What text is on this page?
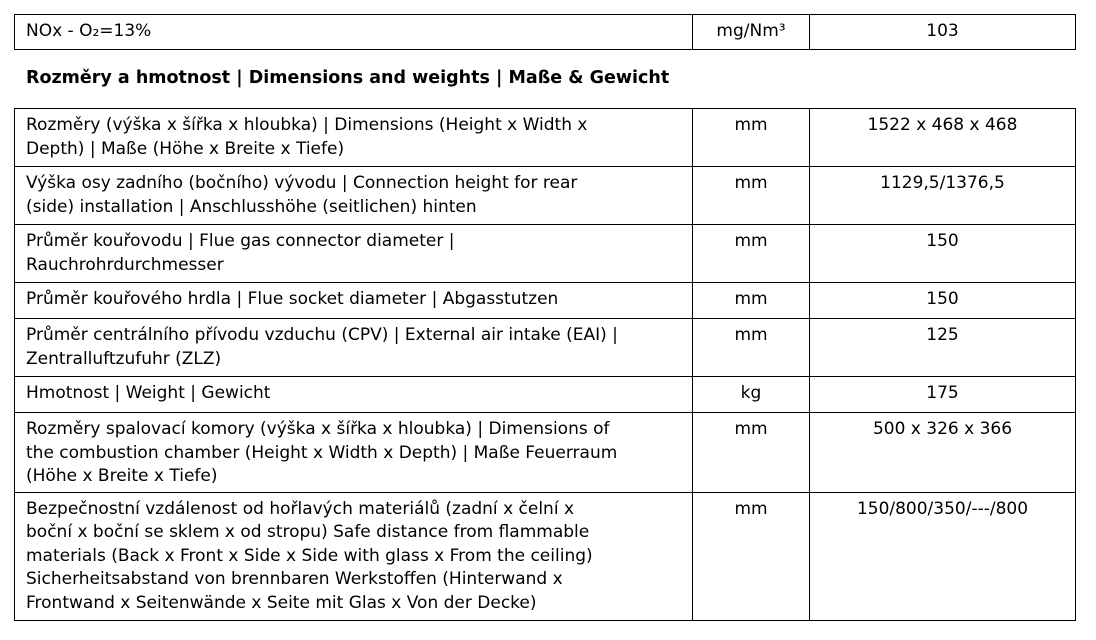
NOx - O₂=13%	mg/Nm³	103
Rozměry a hmotnost | Dimensions and weights | Maße & Gewicht
Rozměry (výška x šířka x hloubka) | Dimensions (Height x Width x
Depth) | Maße (Höhe x Breite x Tiefe)	mm	1522 x 468 x 468

Výška osy zadního (bočního) vývodu | Connection height for rear
(side) installation | Anschlusshöhe (seitlichen) hinten	mm	1129,5/1376,5

Průměr kouřovodu | Flue gas connector diameter |
Rauchrohrdurchmesser	mm	150

Průměr kouřového hrdla | Flue socket diameter | Abgasstutzen	mm	150

Průměr centrálního přívodu vzduchu (CPV) | External air intake (EAI) |
Zentralluftzufuhr (ZLZ)	mm	125

Hmotnost | Weight | Gewicht	kg	175

Rozměry spalovací komory (výška x šířka x hloubka) | Dimensions of
the combustion chamber (Height x Width x Depth) | Maße Feuerraum
(Höhe x Breite x Tiefe)	mm	500 x 326 x 366

Bezpečnostní vzdálenost od hořlavých materiálů (zadní x čelní x
boční x boční se sklem x od stropu) Safe distance from flammable
materials (Back x Front x Side x Side with glass x From the ceiling)
Sicherheitsabstand von brennbaren Werkstoffen (Hinterwand x
Frontwand x Seitenwände x Seite mit Glas x Von der Decke)	mm	150/800/350/---/800
